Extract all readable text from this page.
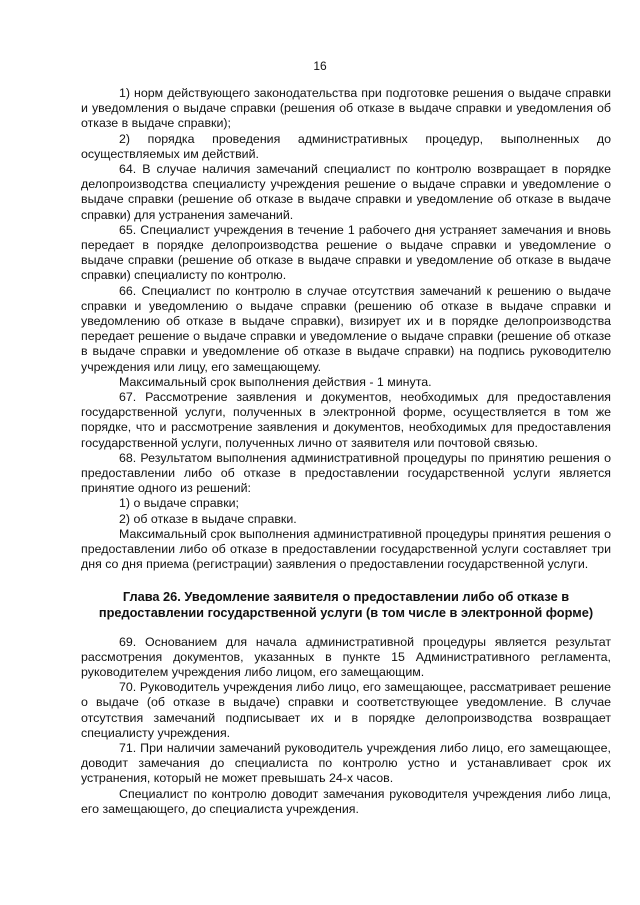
16

1) норм действующего законодательства при подготовке решения о выдаче справки и уведомления о выдаче справки (решения об отказе в выдаче справки и уведомления об отказе в выдаче справки);

2) порядка проведения административных процедур, выполненных до осуществляемых им действий.

64. В случае наличия замечаний специалист по контролю возвращает в порядке делопроизводства специалисту учреждения решение о выдаче справки и уведомление о выдаче справки (решение об отказе в выдаче справки и уведомление об отказе в выдаче справки) для устранения замечаний.

65. Специалист учреждения в течение 1 рабочего дня устраняет замечания и вновь передает в порядке делопроизводства решение о выдаче справки и уведомление о выдаче справки (решение об отказе в выдаче справки и уведомление об отказе в выдаче справки) специалисту по контролю.

66. Специалист по контролю в случае отсутствия замечаний к решению о выдаче справки и уведомлению о выдаче справки (решению об отказе в выдаче справки и уведомлению об отказе в выдаче справки), визирует их и в порядке делопроизводства передает решение о выдаче справки и уведомление о выдаче справки (решение об отказе в выдаче справки и уведомление об отказе в выдаче справки) на подпись руководителю учреждения или лицу, его замещающему.

Максимальный срок выполнения действия - 1 минута.

67. Рассмотрение заявления и документов, необходимых для предоставления государственной услуги, полученных в электронной форме, осуществляется в том же порядке, что и рассмотрение заявления и документов, необходимых для предоставления государственной услуги, полученных лично от заявителя или почтовой связью.

68. Результатом выполнения административной процедуры по принятию решения о предоставлении либо об отказе в предоставлении государственной услуги является принятие одного из решений:

1) о выдаче справки;

2) об отказе в выдаче справки.

Максимальный срок выполнения административной процедуры принятия решения о предоставлении либо об отказе в предоставлении государственной услуги составляет три дня со дня приема (регистрации) заявления о предоставлении государственной услуги.

Глава 26. Уведомление заявителя о предоставлении либо об отказе в предоставлении государственной услуги (в том числе в электронной форме)

69. Основанием для начала административной процедуры является результат рассмотрения документов, указанных в пункте 15 Административного регламента, руководителем учреждения либо лицом, его замещающим.

70. Руководитель учреждения либо лицо, его замещающее, рассматривает решение о выдаче (об отказе в выдаче) справки и соответствующее уведомление. В случае отсутствия замечаний подписывает их и в порядке делопроизводства возвращает специалисту учреждения.

71. При наличии замечаний руководитель учреждения либо лицо, его замещающее, доводит замечания до специалиста по контролю устно и устанавливает срок их устранения, который не может превышать 24-х часов.

Специалист по контролю доводит замечания руководителя учреждения либо лица, его замещающего, до специалиста учреждения.
